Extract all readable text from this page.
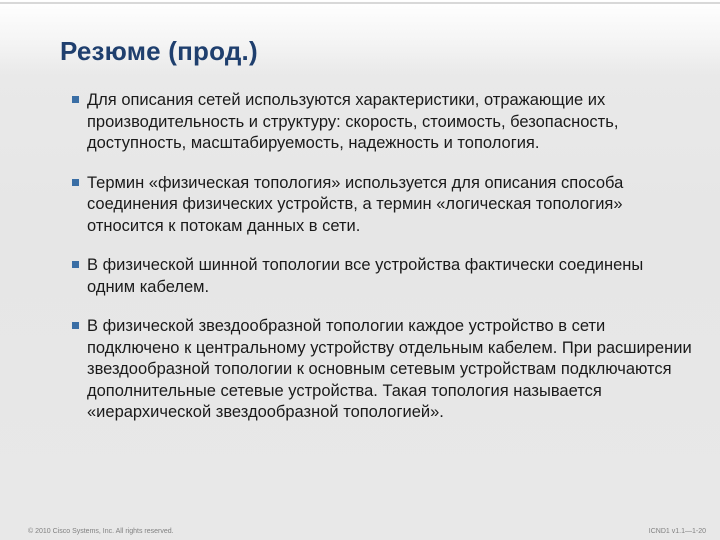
Резюме (прод.)
Для описания сетей используются характеристики, отражающие их производительность и структуру: скорость, стоимость, безопасность, доступность, масштабируемость, надежность и топология.
Термин «физическая топология» используется для описания способа соединения физических устройств, а термин «логическая топология» относится к потокам данных в сети.
В физической шинной топологии все устройства фактически соединены одним кабелем.
В физической звездообразной топологии каждое устройство в сети подключено к центральному устройству отдельным кабелем. При расширении звездообразной топологии к основным сетевым устройствам подключаются дополнительные сетевые устройства. Такая топология называется «иерархической звездообразной топологией».
© 2010 Cisco Systems, Inc. All rights reserved.	ICND1 v1.1—1-20
